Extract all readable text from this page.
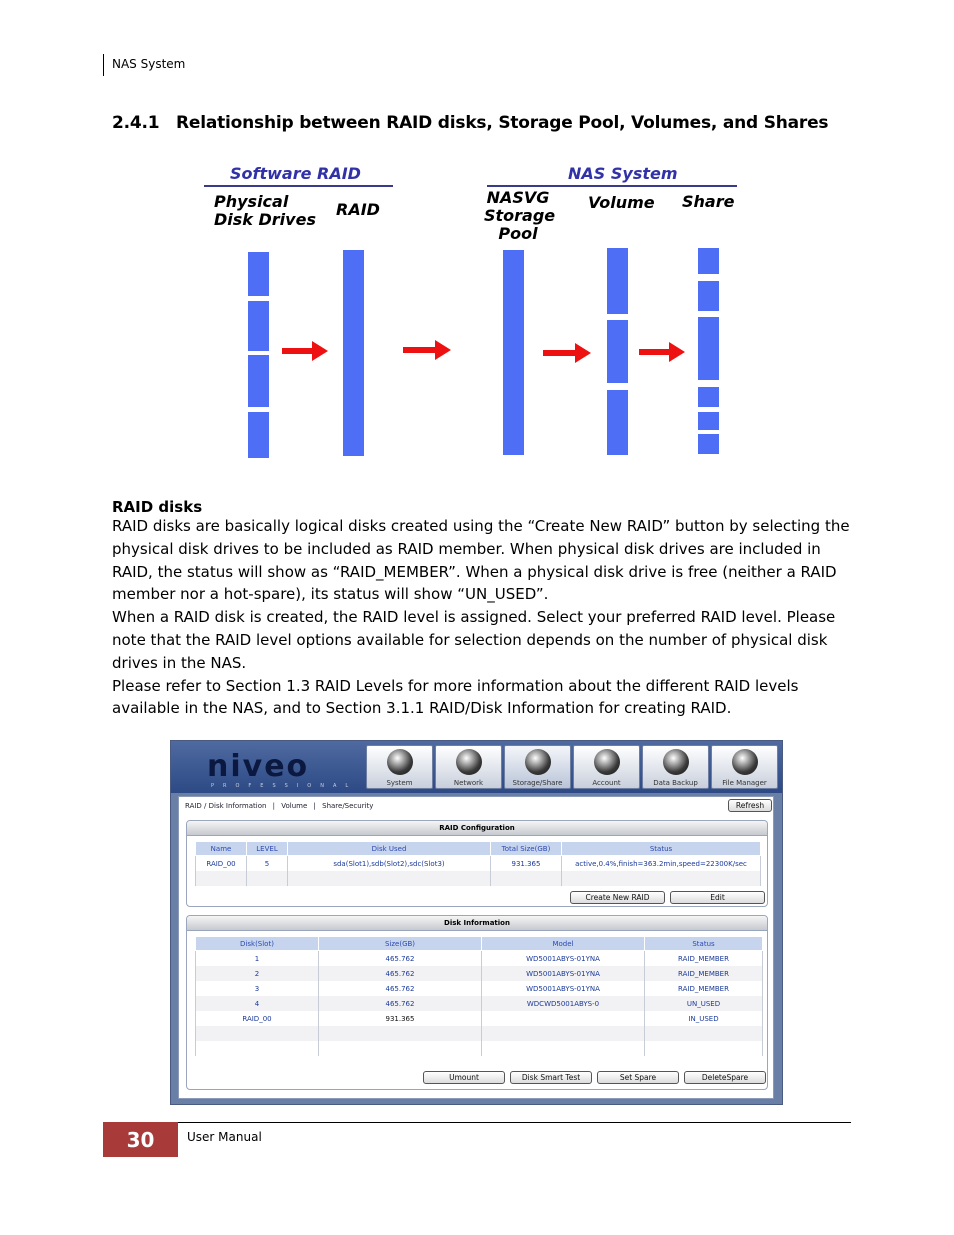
NAS System
2.4.1 Relationship between RAID disks, Storage Pool, Volumes, and Shares
Software RAID	NAS System
Physical
Disk Drives
RAID
NASVG
Storage
Pool
Volume Share
RAID disks

RAID disks are basically logical disks created using the “Create New RAID” button by selecting the physical disk drives to be included as RAID member. When physical disk drives are included in RAID, the status will show as “RAID_MEMBER”. When a physical disk drive is free (neither a RAID member nor a hot-spare), its status will show “UN_USED”.

When a RAID disk is created, the RAID level is assigned. Select your preferred RAID level. Please note that the RAID level options available for selection depends on the number of physical disk drives in the NAS.

Please refer to Section 1.3 RAID Levels for more information about the different RAID levels available in the NAS, and to Section 3.1.1 RAID/Disk Information for creating RAID.

niveo
PROFESSIONAL	System	Network	Storage/Share	Account	Data Backup	File Manager
RAID / Disk Information | Volume | Share/Security	Refresh
RAID Configuration
Name	LEVEL	Disk Used	Total Size(GB)	Status
RAID_00	5	sda(Slot1),sdb(Slot2),sdc(Slot3)	931.365	active,0.4%,finish=363.2min,speed=22300K/sec

Create New RAID	Edit
Disk Information
Disk(Slot)	Size(GB)	Model	Status
1	465.762	WD5001ABYS-01YNA	RAID_MEMBER
2	465.762	WD5001ABYS-01YNA	RAID_MEMBER
3	465.762	WD5001ABYS-01YNA	RAID_MEMBER
4	465.762	WDCWD5001ABYS-0	UN_USED
RAID_00	931.365		IN_USED

Umount	Disk Smart Test	Set Spare	DeleteSpare
30	User Manual
